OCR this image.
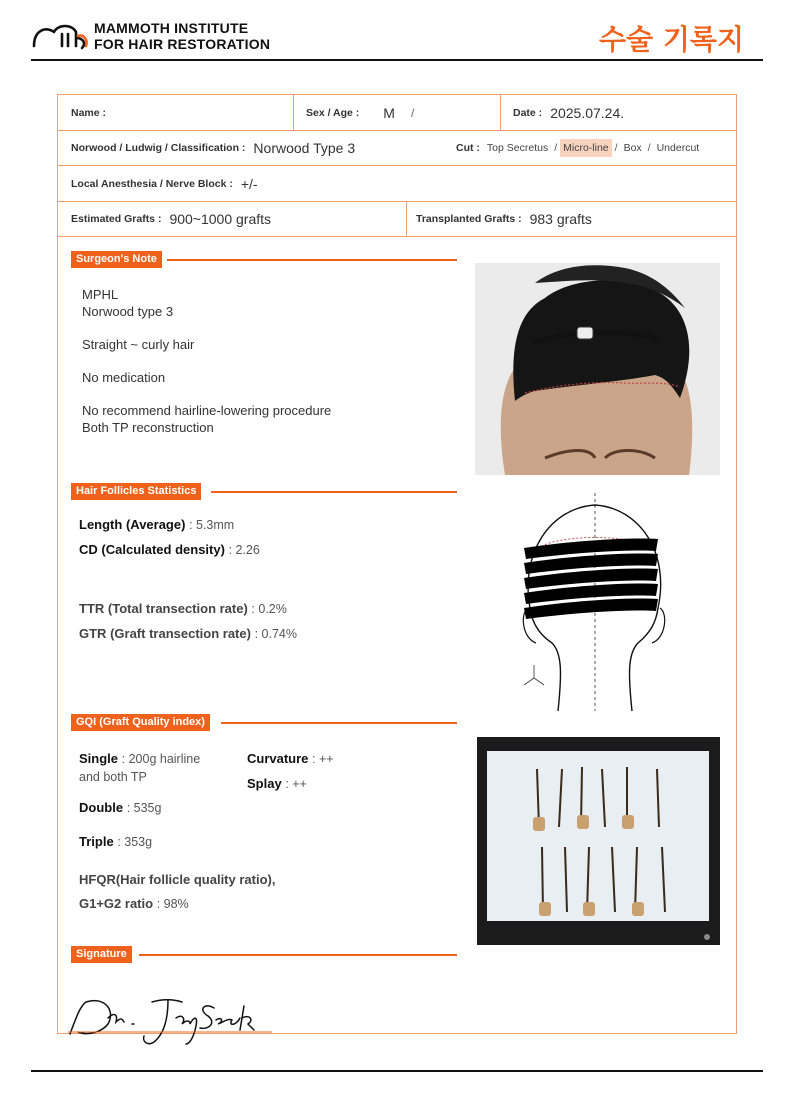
MAMMOTH INSTITUTE
FOR HAIR RESTORATION	수술 기록지
Name :	Sex / Age : M /	Date : 2025.07.24.
Norwood / Ludwig / Classification : Norwood Type 3	Cut : Top Secretus / Micro-line / Box / Undercut
Local Anesthesia / Nerve Block : +/-
Estimated Grafts : 900~1000 grafts	Transplanted Grafts : 983 grafts
Surgeon's Note
MPHL
Norwood type 3
Straight ~ curly hair
No medication
No recommend hairline-lowering procedure
Both TP reconstruction
Hair Follicles Statistics
Length (Average) : 5.3mm
CD (Calculated density) : 2.26
TTR (Total transection rate) : 0.2%
GTR (Graft transection rate) : 0.74%
GQI (Graft Quality index)
Single : 200g hairline
and both TP
Curvature : ++
Splay : ++
Double : 535g
Triple : 353g
HFQR(Hair follicle quality ratio),
G1+G2 ratio : 98%
Signature
